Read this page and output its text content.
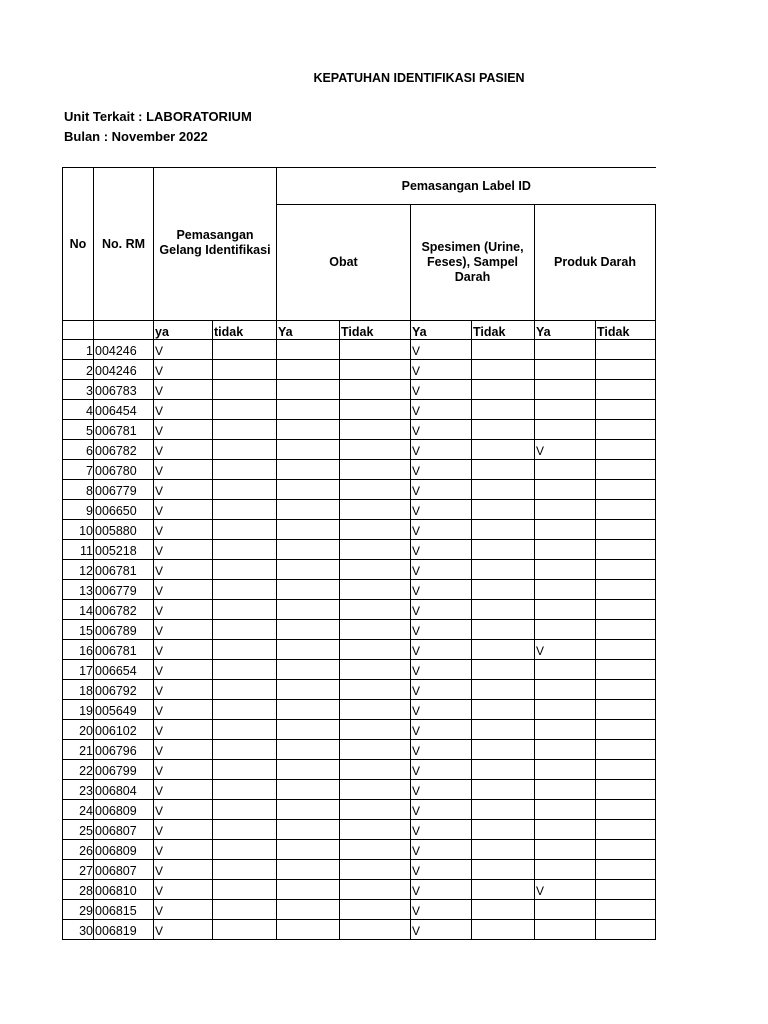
KEPATUHAN IDENTIFIKASI PASIEN
Unit Terkait : LABORATORIUM
Bulan : November 2022
No	No. RM	Pemasangan Gelang Identifikasi		Pemasangan Label ID					
				Obat		Spesimen (Urine, Feses), Sampel Darah		Produk Darah	

		ya	tidak	Ya	Tidak	Ya	Tidak	Ya	Tidak
1	004246	V				V			
2	004246	V				V			
3	006783	V				V			
4	006454	V				V			
5	006781	V				V			
6	006782	V				V		V	
7	006780	V				V			
8	006779	V				V			
9	006650	V				V			
10	005880	V				V			
11	005218	V				V			
12	006781	V				V			
13	006779	V				V			
14	006782	V				V			
15	006789	V				V			
16	006781	V				V		V	
17	006654	V				V			
18	006792	V				V			
19	005649	V				V			
20	006102	V				V			
21	006796	V				V			
22	006799	V				V			
23	006804	V				V			
24	006809	V				V			
25	006807	V				V			
26	006809	V				V			
27	006807	V				V			
28	006810	V				V		V	
29	006815	V				V			
30	006819	V				V			
